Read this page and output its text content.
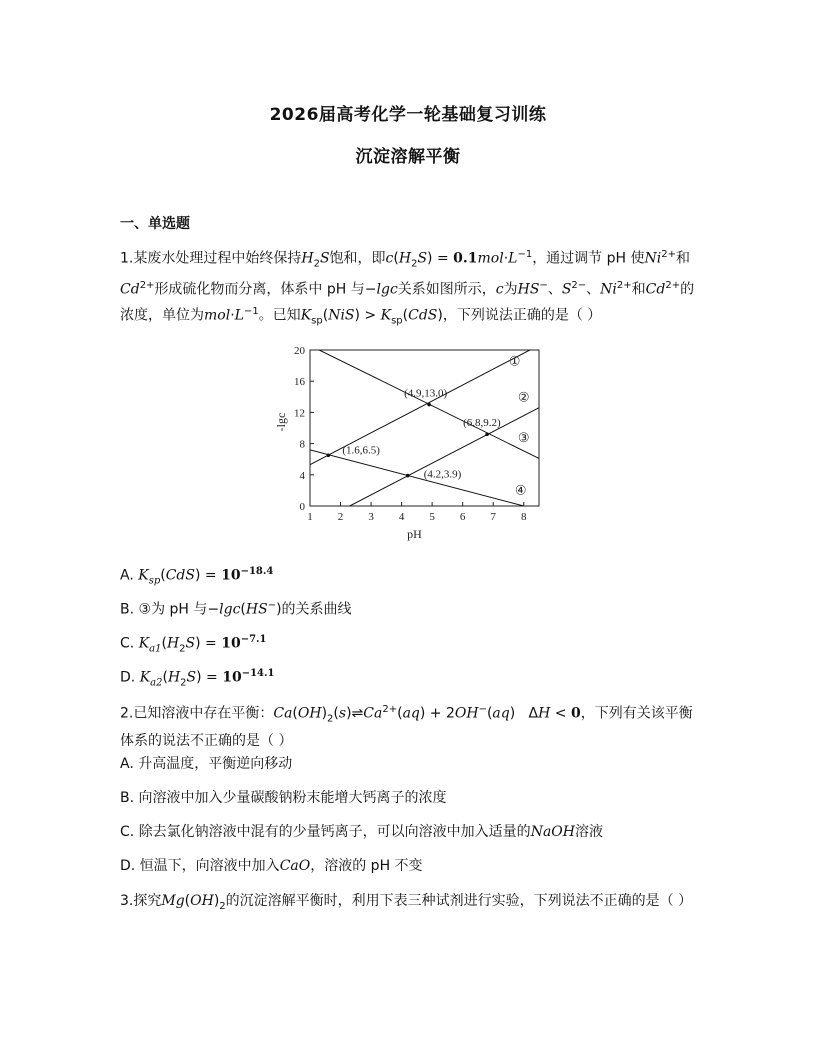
2026届高考化学一轮基础复习训练
沉淀溶解平衡
一、单选题

1.某废水处理过程中始终保持$H_2S$饱和，即$c(H_2S) = 0.1mol\cdot L^{-1}$，通过调节 pH 使$Ni^{2+}$和$Cd^{2+}$形成硫化物而分离，体系中 pH 与−lgc关系如图所示，c为HS−、$S^{2-}$、$Ni^{2+}$和$Cd^{2+}$的浓度，单位为$mol\cdot L^{-1}$。已知$K_{sp}(NiS) > K_{sp}(CdS)$，下列说法正确的是（ ）

1 2 3 4 5 6 7 8
0
4
8
12
16
20
pH
-lgc
①
②
③
④
(4.9,13.0)
(6.8,9.2)
(1.6,6.5)
(4.2,3.9)

A. $K_{sp}(CdS) = 10^{-18.4}$

B. ③为 pH 与−lgc(HS−)的关系曲线

C. $K_{a1}(H_2S) = 10^{-7.1}$

D. $K_{a2}(H_2S) = 10^{-14.1}$

2.已知溶液中存在平衡：$Ca(OH)_2(s)\rightleftharpoons Ca^{2+}(aq) + 2OH^-(aq) \Delta H < 0$，下列有关该平衡体系的说法不正确的是（ ）

A. 升高温度，平衡逆向移动

B. 向溶液中加入少量碳酸钠粉末能增大钙离子的浓度

C. 除去氯化钠溶液中混有的少量钙离子，可以向溶液中加入适量的NaOH溶液

D. 恒温下，向溶液中加入CaO，溶液的 pH 不变

3.探究$Mg(OH)_2$的沉淀溶解平衡时，利用下表三种试剂进行实验，下列说法不正确的是（ ）
